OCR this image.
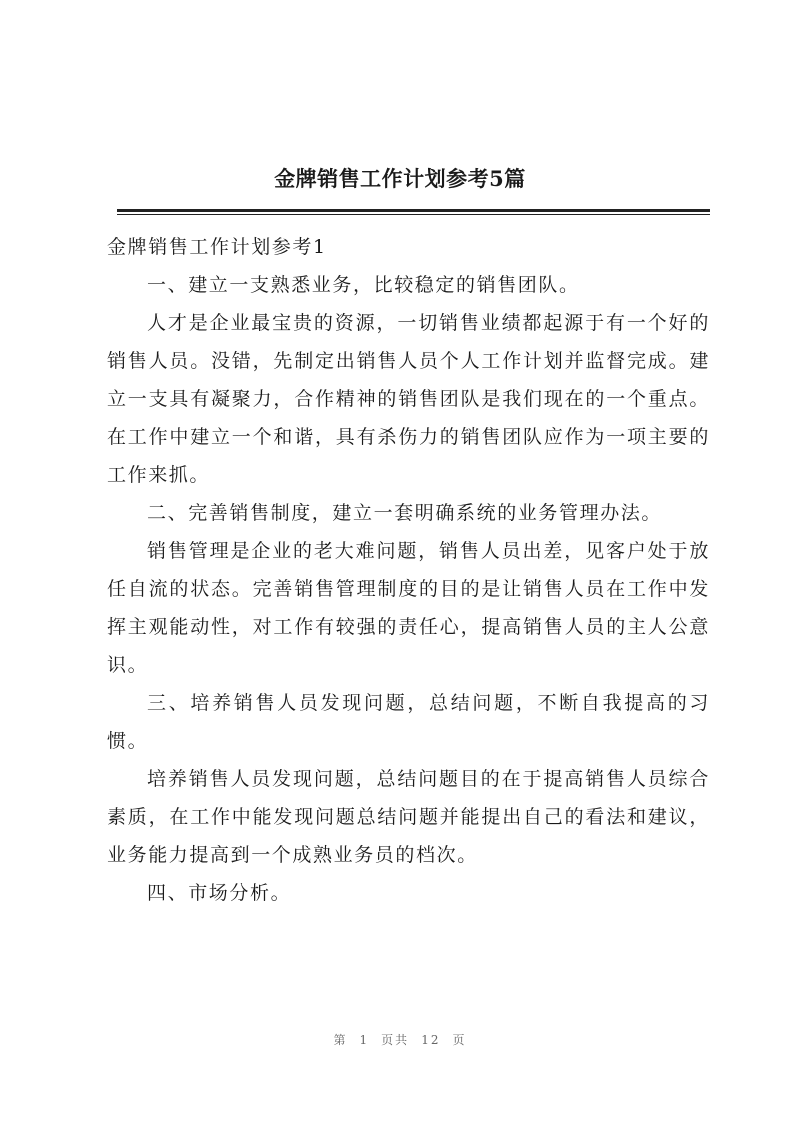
金牌销售工作计划参考5篇

金牌销售工作计划参考1

一、建立一支熟悉业务，比较稳定的销售团队。

人才是企业最宝贵的资源，一切销售业绩都起源于有一个好的销售人员。没错，先制定出销售人员个人工作计划并监督完成。建立一支具有凝聚力，合作精神的销售团队是我们现在的一个重点。在工作中建立一个和谐，具有杀伤力的销售团队应作为一项主要的工作来抓。

二、完善销售制度，建立一套明确系统的业务管理办法。

销售管理是企业的老大难问题，销售人员出差，见客户处于放任自流的状态。完善销售管理制度的目的是让销售人员在工作中发挥主观能动性，对工作有较强的责任心，提高销售人员的主人公意识。

三、培养销售人员发现问题，总结问题，不断自我提高的习惯。

培养销售人员发现问题，总结问题目的在于提高销售人员综合素质，在工作中能发现问题总结问题并能提出自己的看法和建议，业务能力提高到一个成熟业务员的档次。

四、市场分析。

第 1 页共 12 页
